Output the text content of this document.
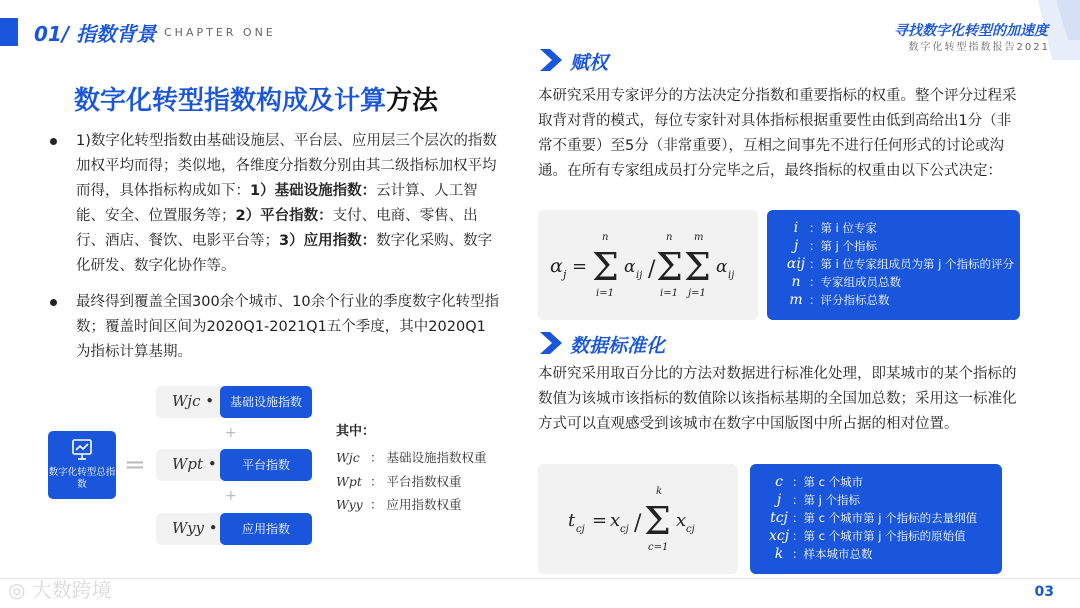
01/ 指数背景 CHAPTER ONE	寻找数字化转型的加速度
数字化转型指数报告2021
数字化转型指数构成及计算方法
1)数字化转型指数由基础设施层、平台层、应用层三个层次的指数加权平均而得；类似地，各维度分指数分别由其二级指标加权平均而得，具体指标构成如下：1）基础设施指数：云计算、人工智能、安全、位置服务等；2）平台指数：支付、电商、零售、出行、酒店、餐饮、电影平台等；3）应用指数：数字化采购、数字化研发、数字化协作等。
最终得到覆盖全国300余个城市、10余个行业的季度数字化转型指数；覆盖时间区间为2020Q1-2021Q1五个季度，其中2020Q1为指标计算基期。
数字化转型总指数
=
Wjc •	基础设施指数
+
Wpt •	平台指数
+
Wyy •	应用指数
其中：
Wjc ： 基础设施指数权重
Wpt ： 平台指数权重
Wyy ： 应用指数权重
赋权
本研究采用专家评分的方法决定分指数和重要指标的权重。整个评分过程采取背对背的模式，每位专家针对具体指标根据重要性由低到高给出1分（非常不重要）至5分（非常重要），互相之间事先不进行任何形式的讨论或沟通。在所有专家组成员打分完毕之后，最终指标的权重由以下公式决定：
α j = Σ
n
i=1
α ij / Σ
n
i=1
Σ
m
j=1
α ij
i ：第 i 位专家
j ：第 j 个指标
αij ：第 i 位专家组成员为第 j 个指标的评分
n ：专家组成员总数
m ：评分指标总数
数据标准化
本研究采用取百分比的方法对数据进行标准化处理，即某城市的某个指标的数值为该城市该指标的数值除以该指标基期的全国加总数；采用这一标准化方式可以直观感受到该城市在数字中国版图中所占据的相对位置。
t cj = x cj / Σ
k
c=1
x cj
c ：第 c 个城市
j ：第 j 个指标
tcj ：第 c 个城市第 j 个指标的去量纲值
xcj ：第 c 个城市第 j 个指标的原始值
k ：样本城市总数
◎ 大数跨境	03
